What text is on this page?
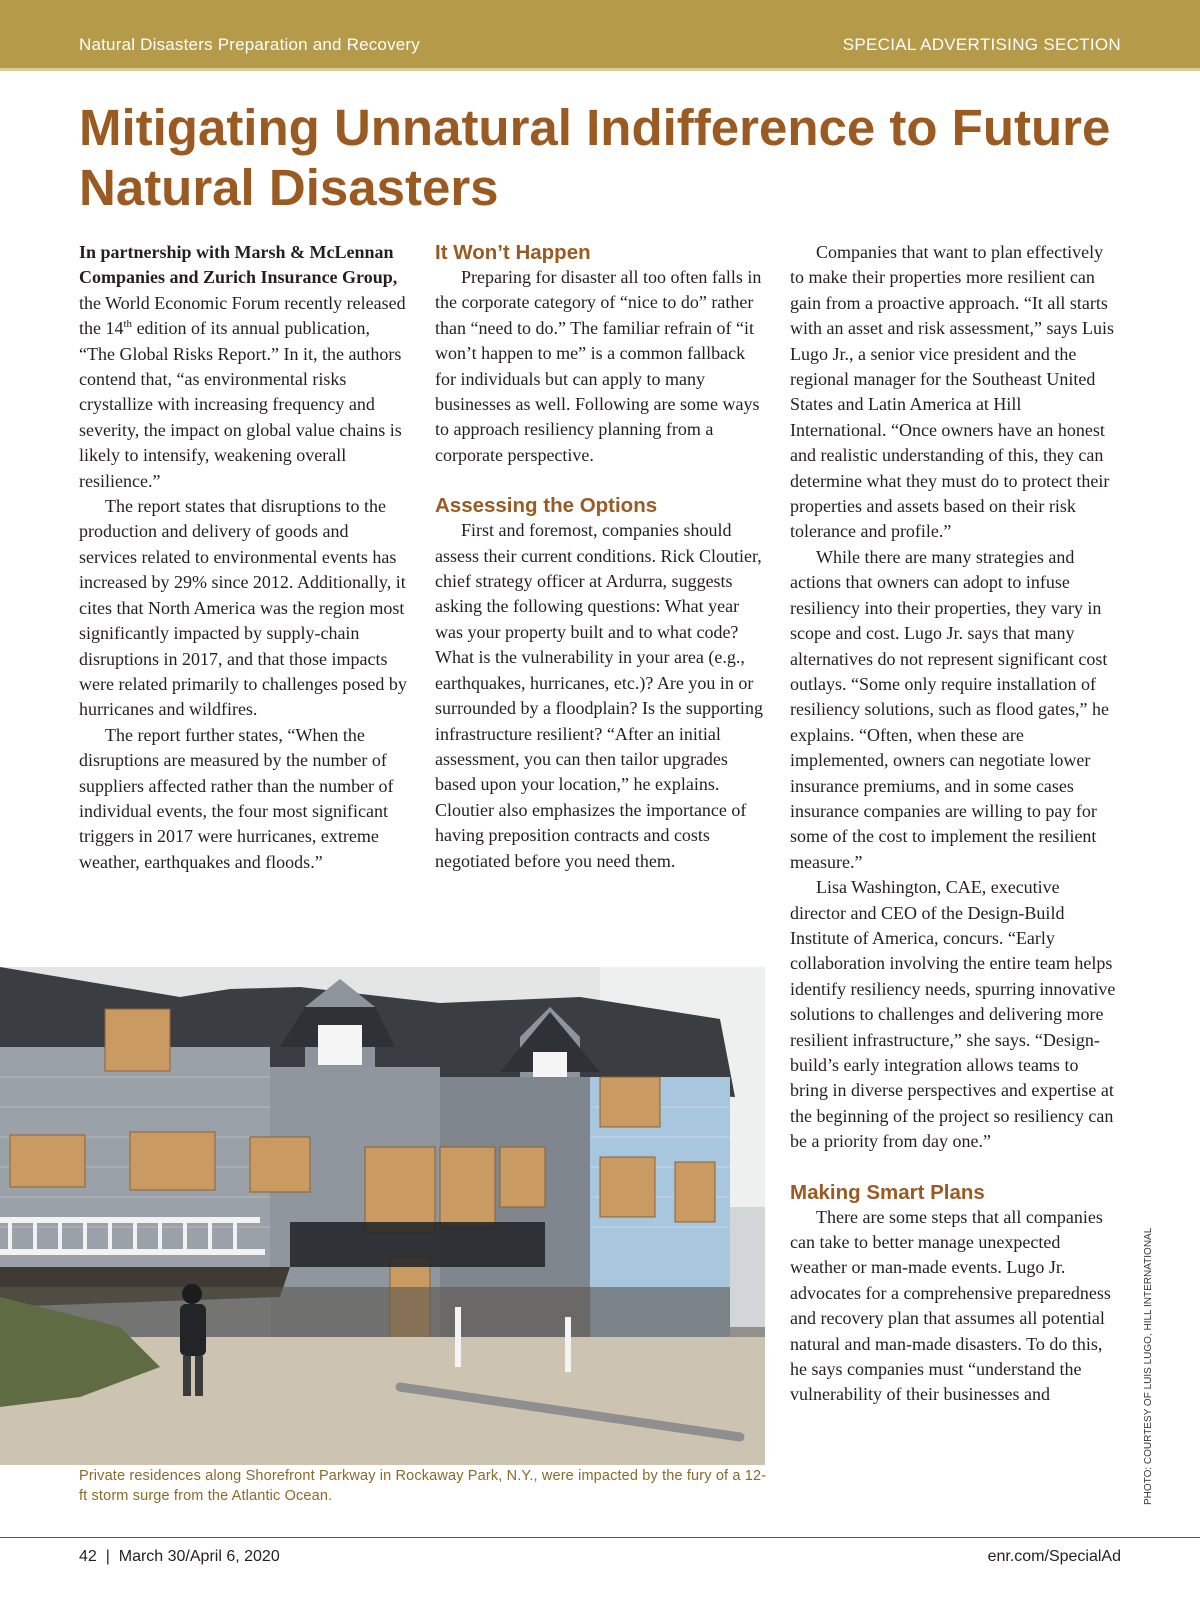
Natural Disasters Preparation and Recovery	SPECIAL ADVERTISING SECTION
Mitigating Unnatural Indifference to Future Natural Disasters

In partnership with Marsh & McLennan Companies and Zurich Insurance Group, the World Economic Forum recently released the 14th edition of its annual publication, “The Global Risks Report.” In it, the authors contend that, “as environmental risks crystallize with increasing frequency and severity, the impact on global value chains is likely to intensify, weakening overall resilience.”

The report states that disruptions to the production and delivery of goods and services related to environmental events has increased by 29% since 2012. Additionally, it cites that North America was the region most significantly impacted by supply-chain disruptions in 2017, and that those impacts were related primarily to challenges posed by hurricanes and wildfires.

The report further states, “When the disruptions are measured by the number of suppliers affected rather than the number of individual events, the four most significant triggers in 2017 were hurricanes, extreme weather, earthquakes and floods.”

It Won’t Happen

Preparing for disaster all too often falls in the corporate category of “nice to do” rather than “need to do.” The familiar refrain of “it won’t happen to me” is a common fallback for individuals but can apply to many businesses as well. Following are some ways to approach resiliency planning from a corporate perspective.

Assessing the Options

First and foremost, companies should assess their current conditions. Rick Cloutier, chief strategy officer at Ardurra, suggests asking the following questions: What year was your property built and to what code? What is the vulnerability in your area (e.g., earthquakes, hurricanes, etc.)? Are you in or surrounded by a floodplain? Is the supporting infrastructure resilient? “After an initial assessment, you can then tailor upgrades based upon your location,” he explains. Cloutier also emphasizes the importance of having preposition contracts and costs negotiated before you need them.

Companies that want to plan effectively to make their properties more resilient can gain from a proactive approach. “It all starts with an asset and risk assessment,” says Luis Lugo Jr., a senior vice president and the regional manager for the Southeast United States and Latin America at Hill International. “Once owners have an honest and realistic understanding of this, they can determine what they must do to protect their properties and assets based on their risk tolerance and profile.”

While there are many strategies and actions that owners can adopt to infuse resiliency into their properties, they vary in scope and cost. Lugo Jr. says that many alternatives do not represent significant cost outlays. “Some only require installation of resiliency solutions, such as flood gates,” he explains. “Often, when these are implemented, owners can negotiate lower insurance premiums, and in some cases insurance companies are willing to pay for some of the cost to implement the resilient measure.”

Lisa Washington, CAE, executive director and CEO of the Design-Build Institute of America, concurs. “Early collaboration involving the entire team helps identify resiliency needs, spurring innovative solutions to challenges and delivering more resilient infrastructure,” she says. “Design-build’s early integration allows teams to bring in diverse perspectives and expertise at the beginning of the project so resiliency can be a priority from day one.”

Making Smart Plans

There are some steps that all companies can take to better manage unexpected weather or man-made events. Lugo Jr. advocates for a comprehensive preparedness and recovery plan that assumes all potential natural and man-made disasters. To do this, he says companies must “understand the vulnerability of their businesses and

Private residences along Shorefront Parkway in Rockaway Park, N.Y., were impacted by the fury of a 12-ft storm surge from the Atlantic Ocean.	PHOTO: COURTESY OF LUIS LUGO, HILL INTERNATIONAL
42  |  March 30/April 6, 2020	enr.com/SpecialAd
